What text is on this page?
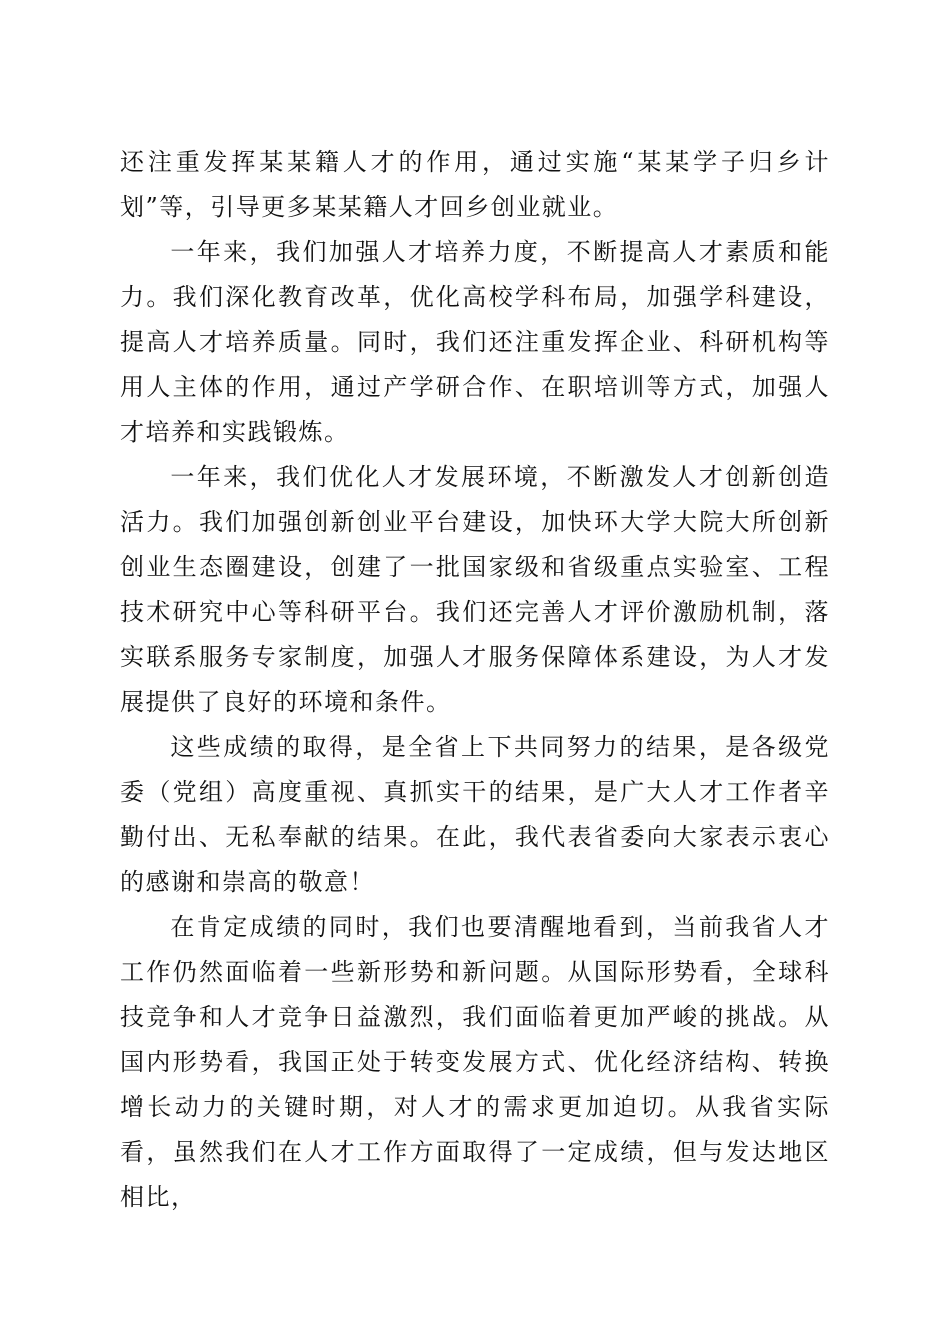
还注重发挥某某籍人才的作用，通过实施“某某学子归乡计划”等，引导更多某某籍人才回乡创业就业。

一年来，我们加强人才培养力度，不断提高人才素质和能力。我们深化教育改革，优化高校学科布局，加强学科建设，提高人才培养质量。同时，我们还注重发挥企业、科研机构等用人主体的作用，通过产学研合作、在职培训等方式，加强人才培养和实践锻炼。

一年来，我们优化人才发展环境，不断激发人才创新创造活力。我们加强创新创业平台建设，加快环大学大院大所创新创业生态圈建设，创建了一批国家级和省级重点实验室、工程技术研究中心等科研平台。我们还完善人才评价激励机制，落实联系服务专家制度，加强人才服务保障体系建设，为人才发展提供了良好的环境和条件。

这些成绩的取得，是全省上下共同努力的结果，是各级党委（党组）高度重视、真抓实干的结果，是广大人才工作者辛勤付出、无私奉献的结果。在此，我代表省委向大家表示衷心的感谢和崇高的敬意！

在肯定成绩的同时，我们也要清醒地看到，当前我省人才工作仍然面临着一些新形势和新问题。从国际形势看，全球科技竞争和人才竞争日益激烈，我们面临着更加严峻的挑战。从国内形势看，我国正处于转变发展方式、优化经济结构、转换增长动力的关键时期，对人才的需求更加迫切。从我省实际看，虽然我们在人才工作方面取得了一定成绩，但与发达地区相比，
